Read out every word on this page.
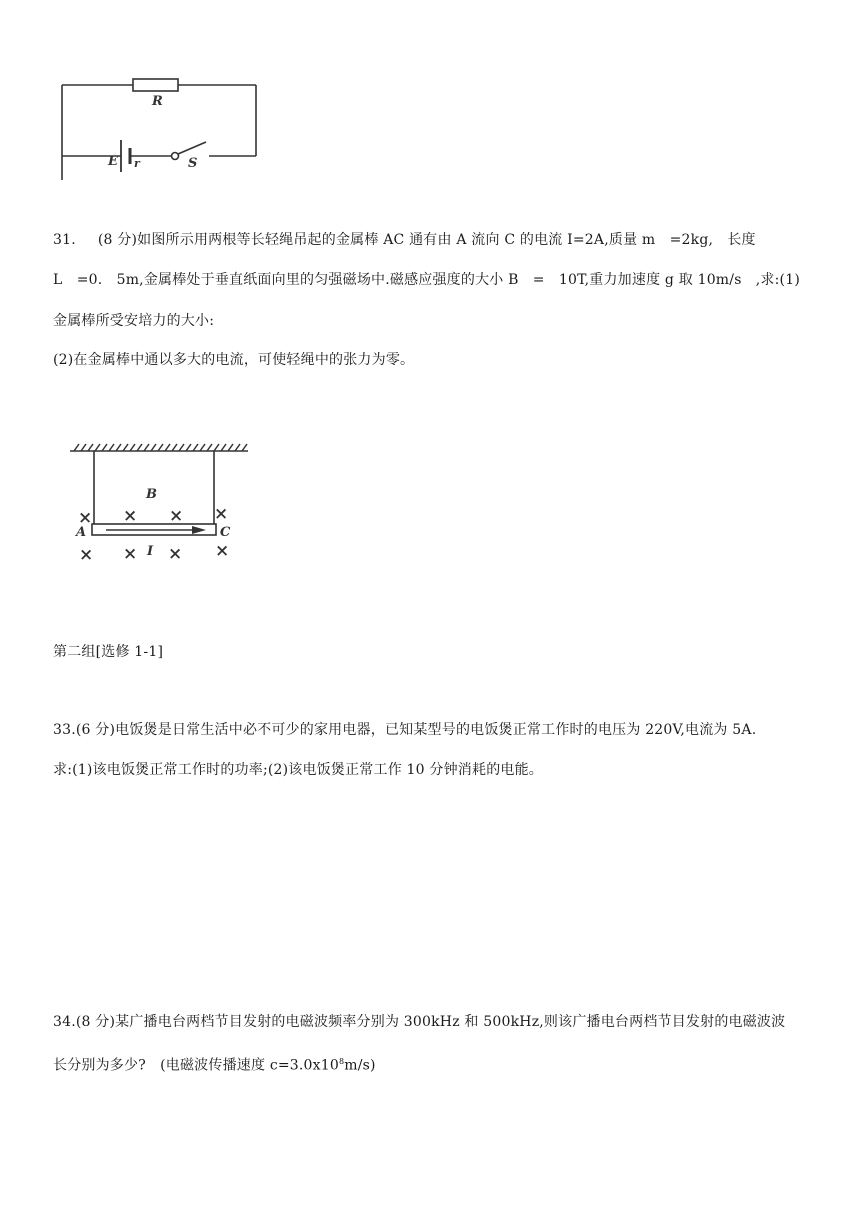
R
E r	S
31. (8 分)如图所示用两根等长轻绳吊起的金属棒 AC 通有由 A 流向 C 的电流 I=2A,质量 m　=2kg,　长度
L　=0.　5m,金属棒处于垂直纸面向里的匀强磁场中.磁感应强度的大小 B　=　10T,重力加速度 g 取 10m/s　,求:(1)
金属棒所受安培力的大小:
(2)在金属棒中通以多大的电流，可使轻绳中的张力为零。
B
A	C
I
× × × ×
× × × ×
第二组[选修 1-1]
33.(6 分)电饭煲是日常生活中必不可少的家用电器，已知某型号的电饭煲正常工作时的电压为 220V,电流为 5A.
求:(1)该电饭煲正常工作时的功率;(2)该电饭煲正常工作 10 分钟消耗的电能。
34.(8 分)某广播电台两档节目发射的电磁波频率分别为 300kHz 和 500kHz,则该广播电台两档节目发射的电磁波波
长分别为多少?　(电磁波传播速度 $c=3.0x10^8m/s$)
